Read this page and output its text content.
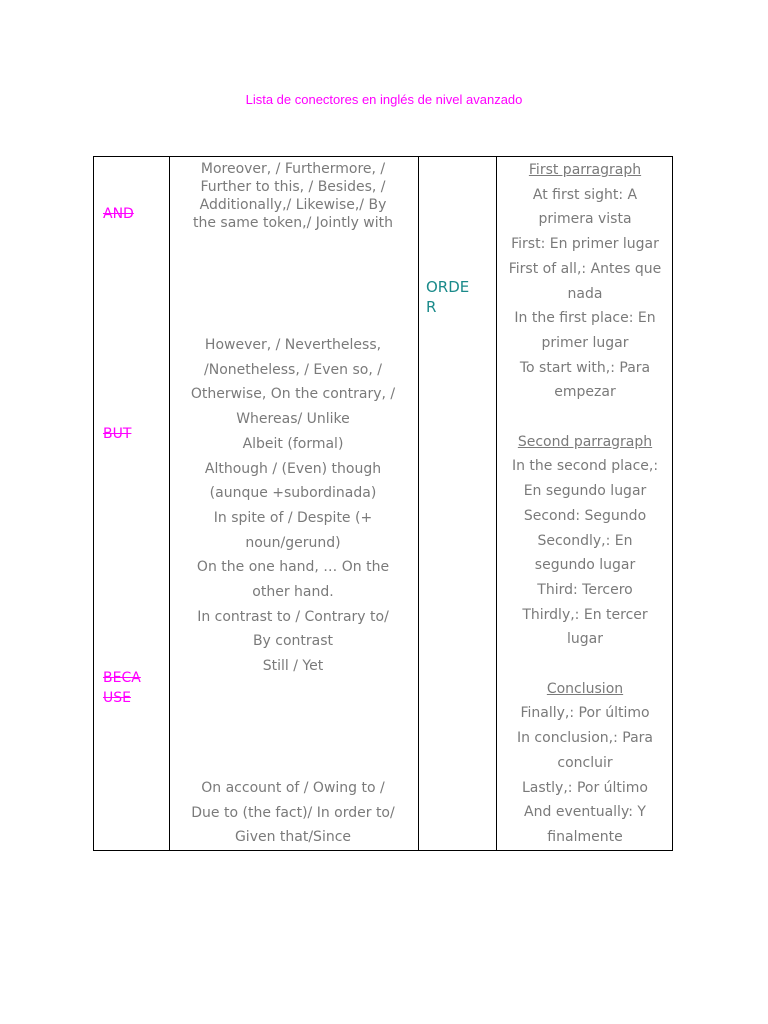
Lista de conectores en inglés de nivel avanzado
AND
BUT
BECA
USE
ORDE
R
Moreover, / Furthermore, /
Further to this, / Besides, /
Additionally,/ Likewise,/ By
the same token,/ Jointly with
However, / Nevertheless,
/Nonetheless, / Even so, /
Otherwise, On the contrary, /
Whereas/ Unlike
Albeit (formal)
Although / (Even) though
(aunque +subordinada)
In spite of / Despite (+
noun/gerund)
On the one hand, … On the
other hand.
In contrast to / Contrary to/
By contrast
Still / Yet
On account of / Owing to /
Due to (the fact)/ In order to/
Given that/Since
First parragraph
At first sight: A
primera vista
First: En primer lugar
First of all,: Antes que
nada
In the first place: En
primer lugar
To start with,: Para
empezar
Second parragraph
In the second place,:
En segundo lugar
Second: Segundo
Secondly,: En
segundo lugar
Third: Tercero
Thirdly,: En tercer
lugar
Conclusion
Finally,: Por último
In conclusion,: Para
concluir
Lastly,: Por último
And eventually: Y
finalmente
